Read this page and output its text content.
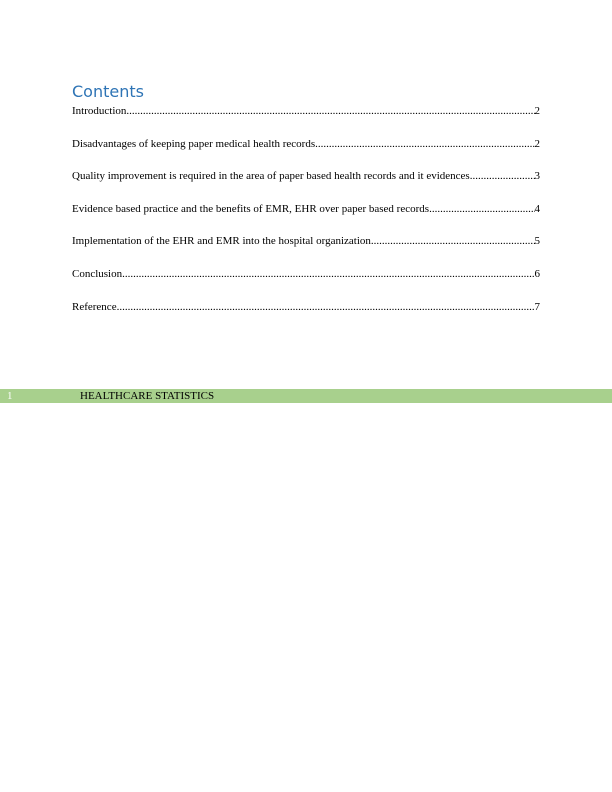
Contents
Introduction .....	2
Disadvantages of keeping paper medical health records .....	2
Quality improvement is required in the area of paper based health records and it evidences .....	3
Evidence based practice and the benefits of EMR, EHR over paper based records .....	4
Implementation of the EHR and EMR into the hospital organization .....	5
Conclusion .....	6
Reference .....	7
1	HEALTHCARE STATISTICS
